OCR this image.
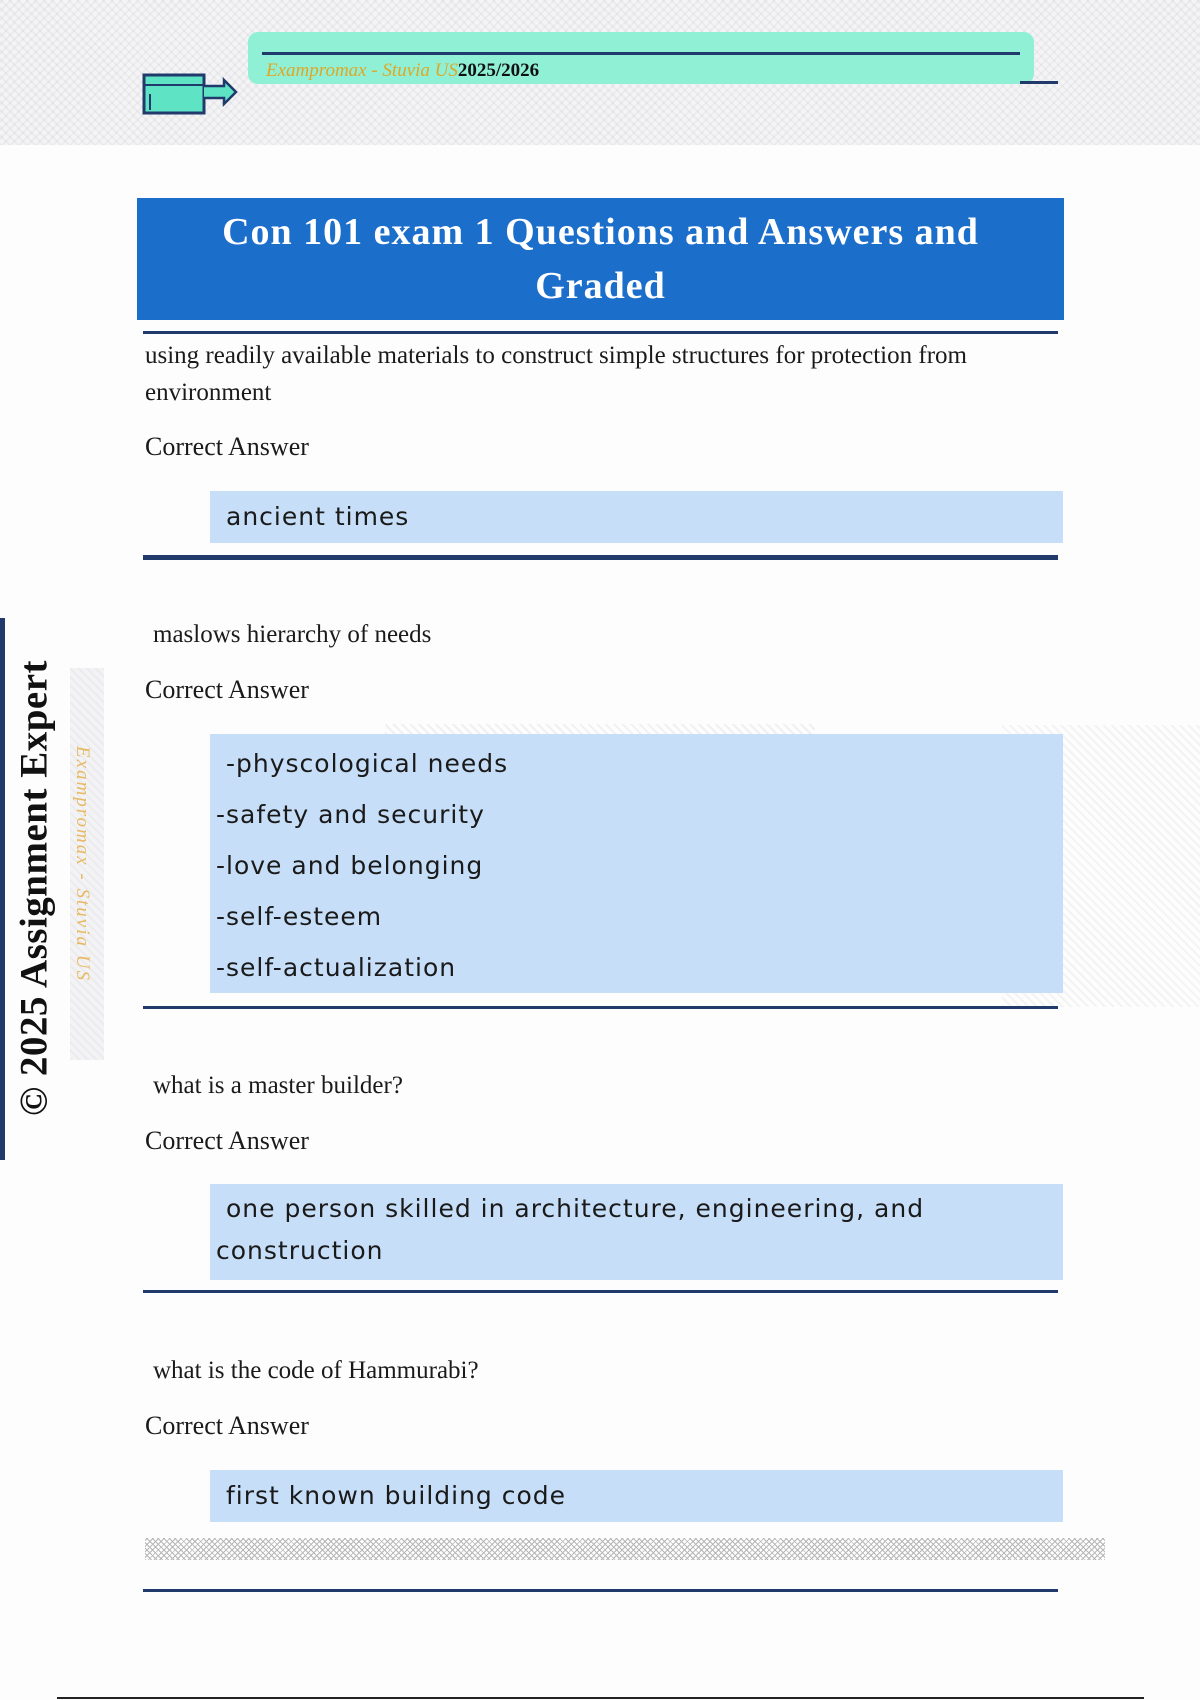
Exampromax - Stuvia US2025/2026
© 2025 Assignment Expert Exampromax - Stuvia US
Con 101 exam 1 Questions and Answers and Graded
using readily available materials to construct simple structures for protection from environment
Correct Answer
ancient times
maslows hierarchy of needs
Correct Answer
-physcological needs
-safety and security
-love and belonging
-self-esteem
-self-actualization
what is a master builder?
Correct Answer
one person skilled in architecture, engineering, and
construction
what is the code of Hammurabi?
Correct Answer
first known building code
